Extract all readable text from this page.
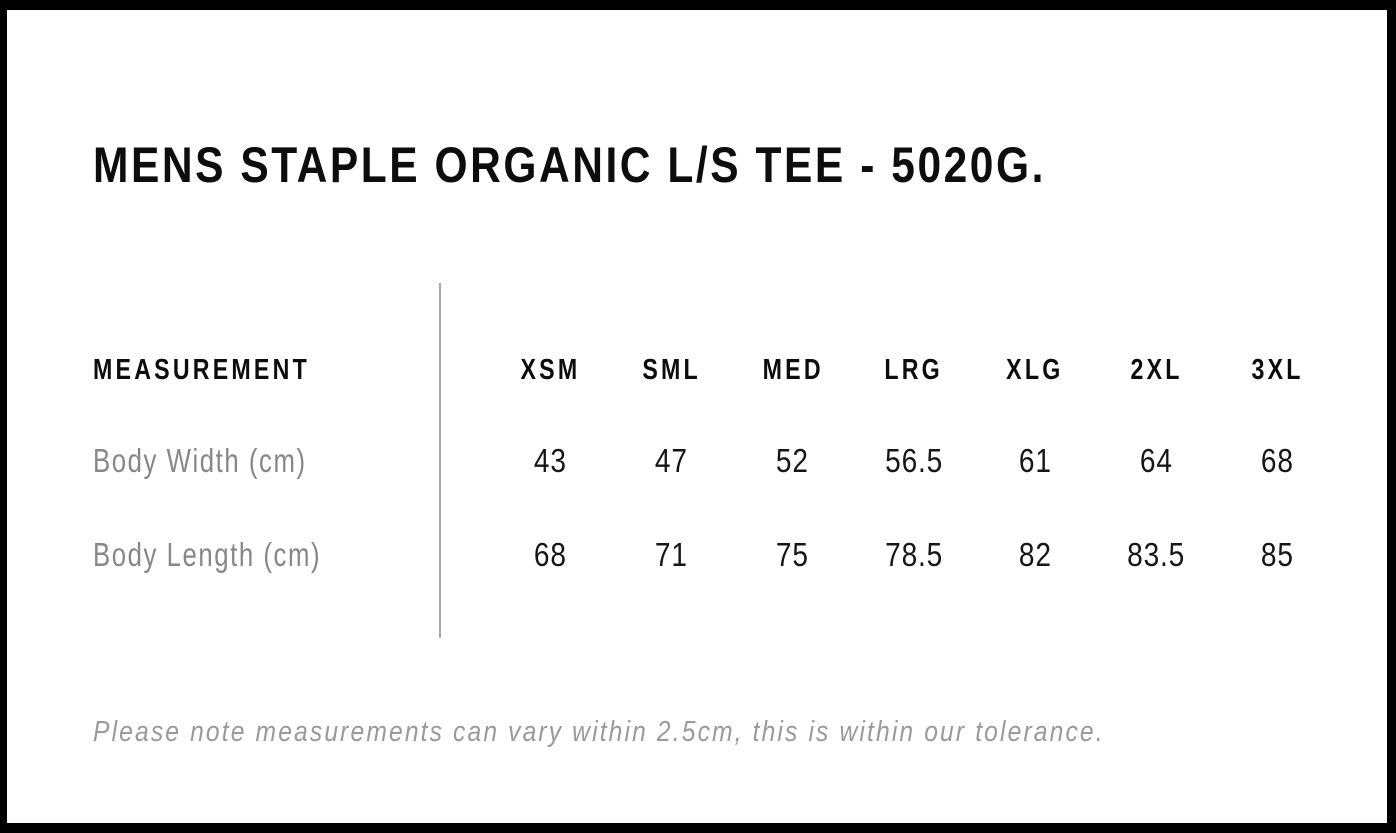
MENS STAPLE ORGANIC L/S TEE - 5020G.
MEASUREMENT	XSM	SML	MED	LRG	XLG	2XL	3XL
Body Width (cm)	43	47	52	56.5	61	64	68
Body Length (cm)	68	71	75	78.5	82	83.5	85
Please note measurements can vary within 2.5cm, this is within our tolerance.
